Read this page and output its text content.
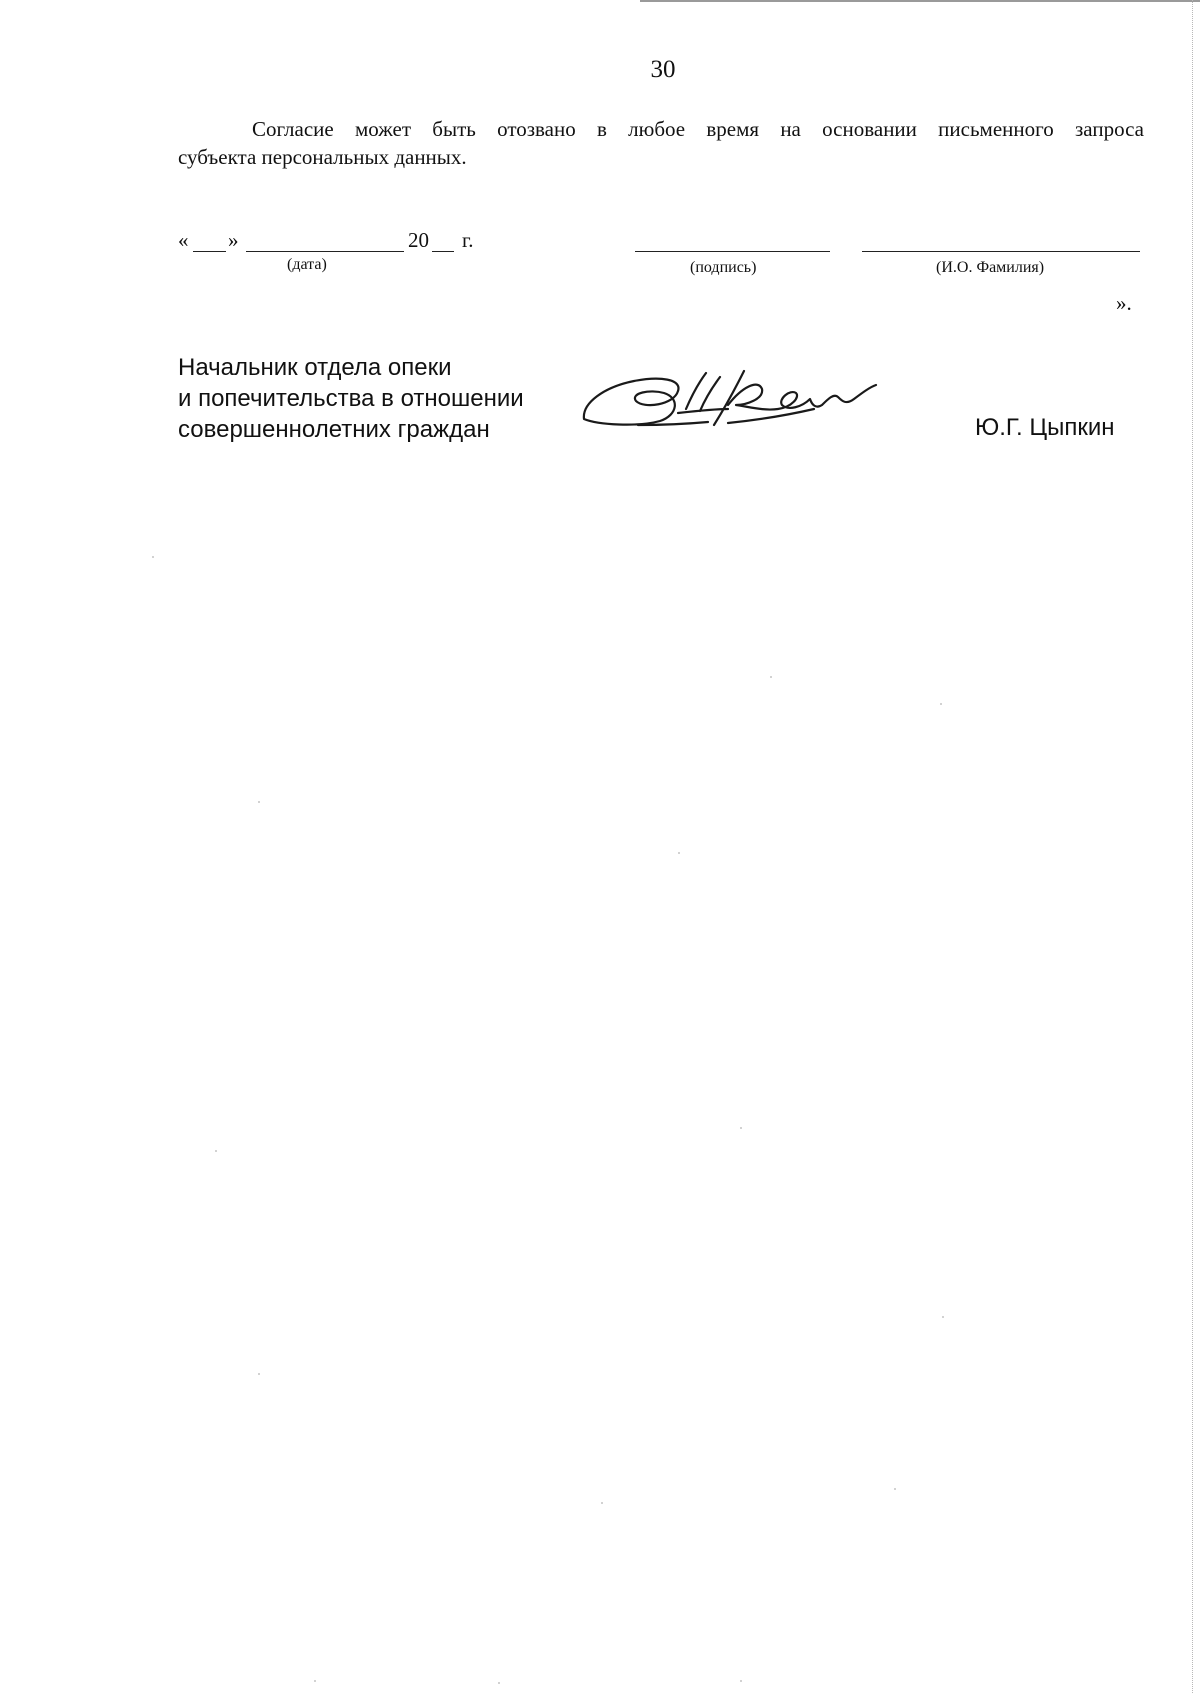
30
Согласие может быть отозвано в любое время на основании письменного запроса
субъекта персональных данных.
« »	20 г.
(дата)	(подпись)	(И.О. Фамилия)
».
Начальник отдела опеки
и попечительства в отношении
совершеннолетних граждан	Ю.Г. Цыпкин
